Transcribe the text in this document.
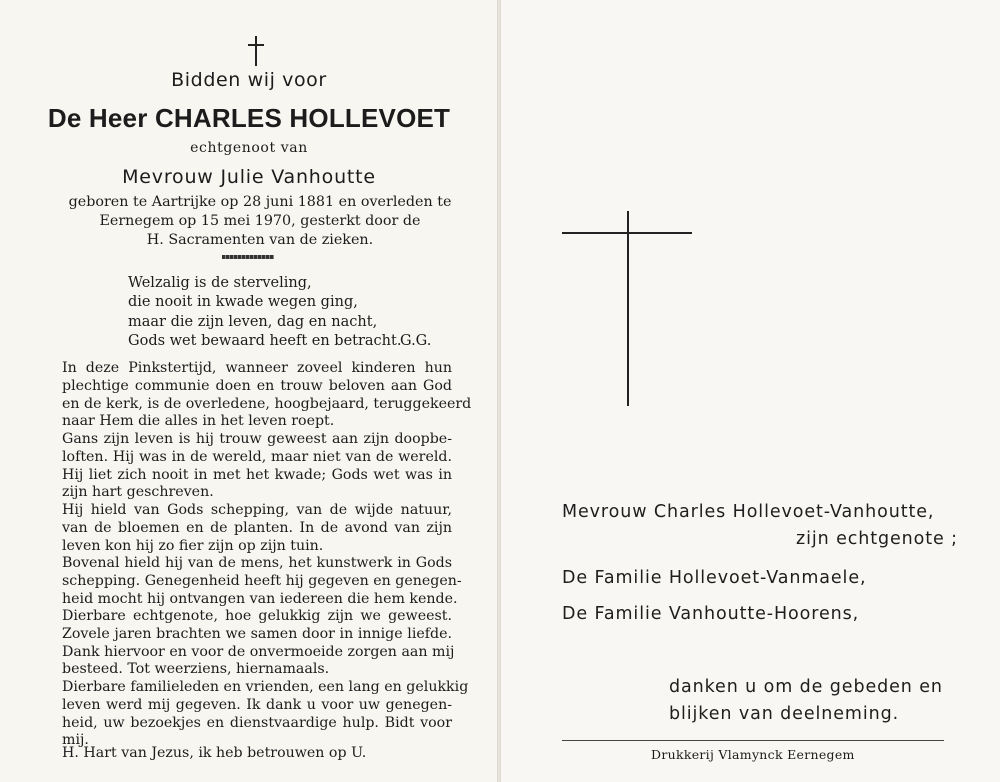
Bidden wij voor
De Heer CHARLES HOLLEVOET
echtgenoot van
Mevrouw Julie Vanhoutte
geboren te Aartrijke op 28 juni 1881 en overleden te
Eernegem op 15 mei 1970, gesterkt door de
H. Sacramenten van de zieken.
Welzalig is de sterveling,
die nooit in kwade wegen ging,
maar die zijn leven, dag en nacht,
Gods wet bewaard heeft en betracht.
G.G.
In deze Pinkstertijd, wanneer zoveel kinderen hun
plechtige communie doen en trouw beloven aan God
en de kerk, is de overledene, hoogbejaard, teruggekeerd
naar Hem die alles in het leven roept.
Gans zijn leven is hij trouw geweest aan zijn doopbe-
loften. Hij was in de wereld, maar niet van de wereld.
Hij liet zich nooit in met het kwade; Gods wet was in
zijn hart geschreven.
Hij hield van Gods schepping, van de wijde natuur,
van de bloemen en de planten. In de avond van zijn
leven kon hij zo fier zijn op zijn tuin.
Bovenal hield hij van de mens, het kunstwerk in Gods
schepping. Genegenheid heeft hij gegeven en genegen-
heid mocht hij ontvangen van iedereen die hem kende.
Dierbare echtgenote, hoe gelukkig zijn we geweest.
Zovele jaren brachten we samen door in innige liefde.
Dank hiervoor en voor de onvermoeide zorgen aan mij
besteed. Tot weerziens, hiernamaals.
Dierbare familieleden en vrienden, een lang en gelukkig
leven werd mij gegeven. Ik dank u voor uw genegen-
heid, uw bezoekjes en dienstvaardige hulp. Bidt voor
mij.
H. Hart van Jezus, ik heb betrouwen op U.
Mevrouw Charles Hollevoet-Vanhoutte,
zijn echtgenote ;
De Familie Hollevoet-Vanmaele,
De Familie Vanhoutte-Hoorens,
danken u om de gebeden en
blijken van deelneming.
Drukkerij Vlamynck Eernegem
